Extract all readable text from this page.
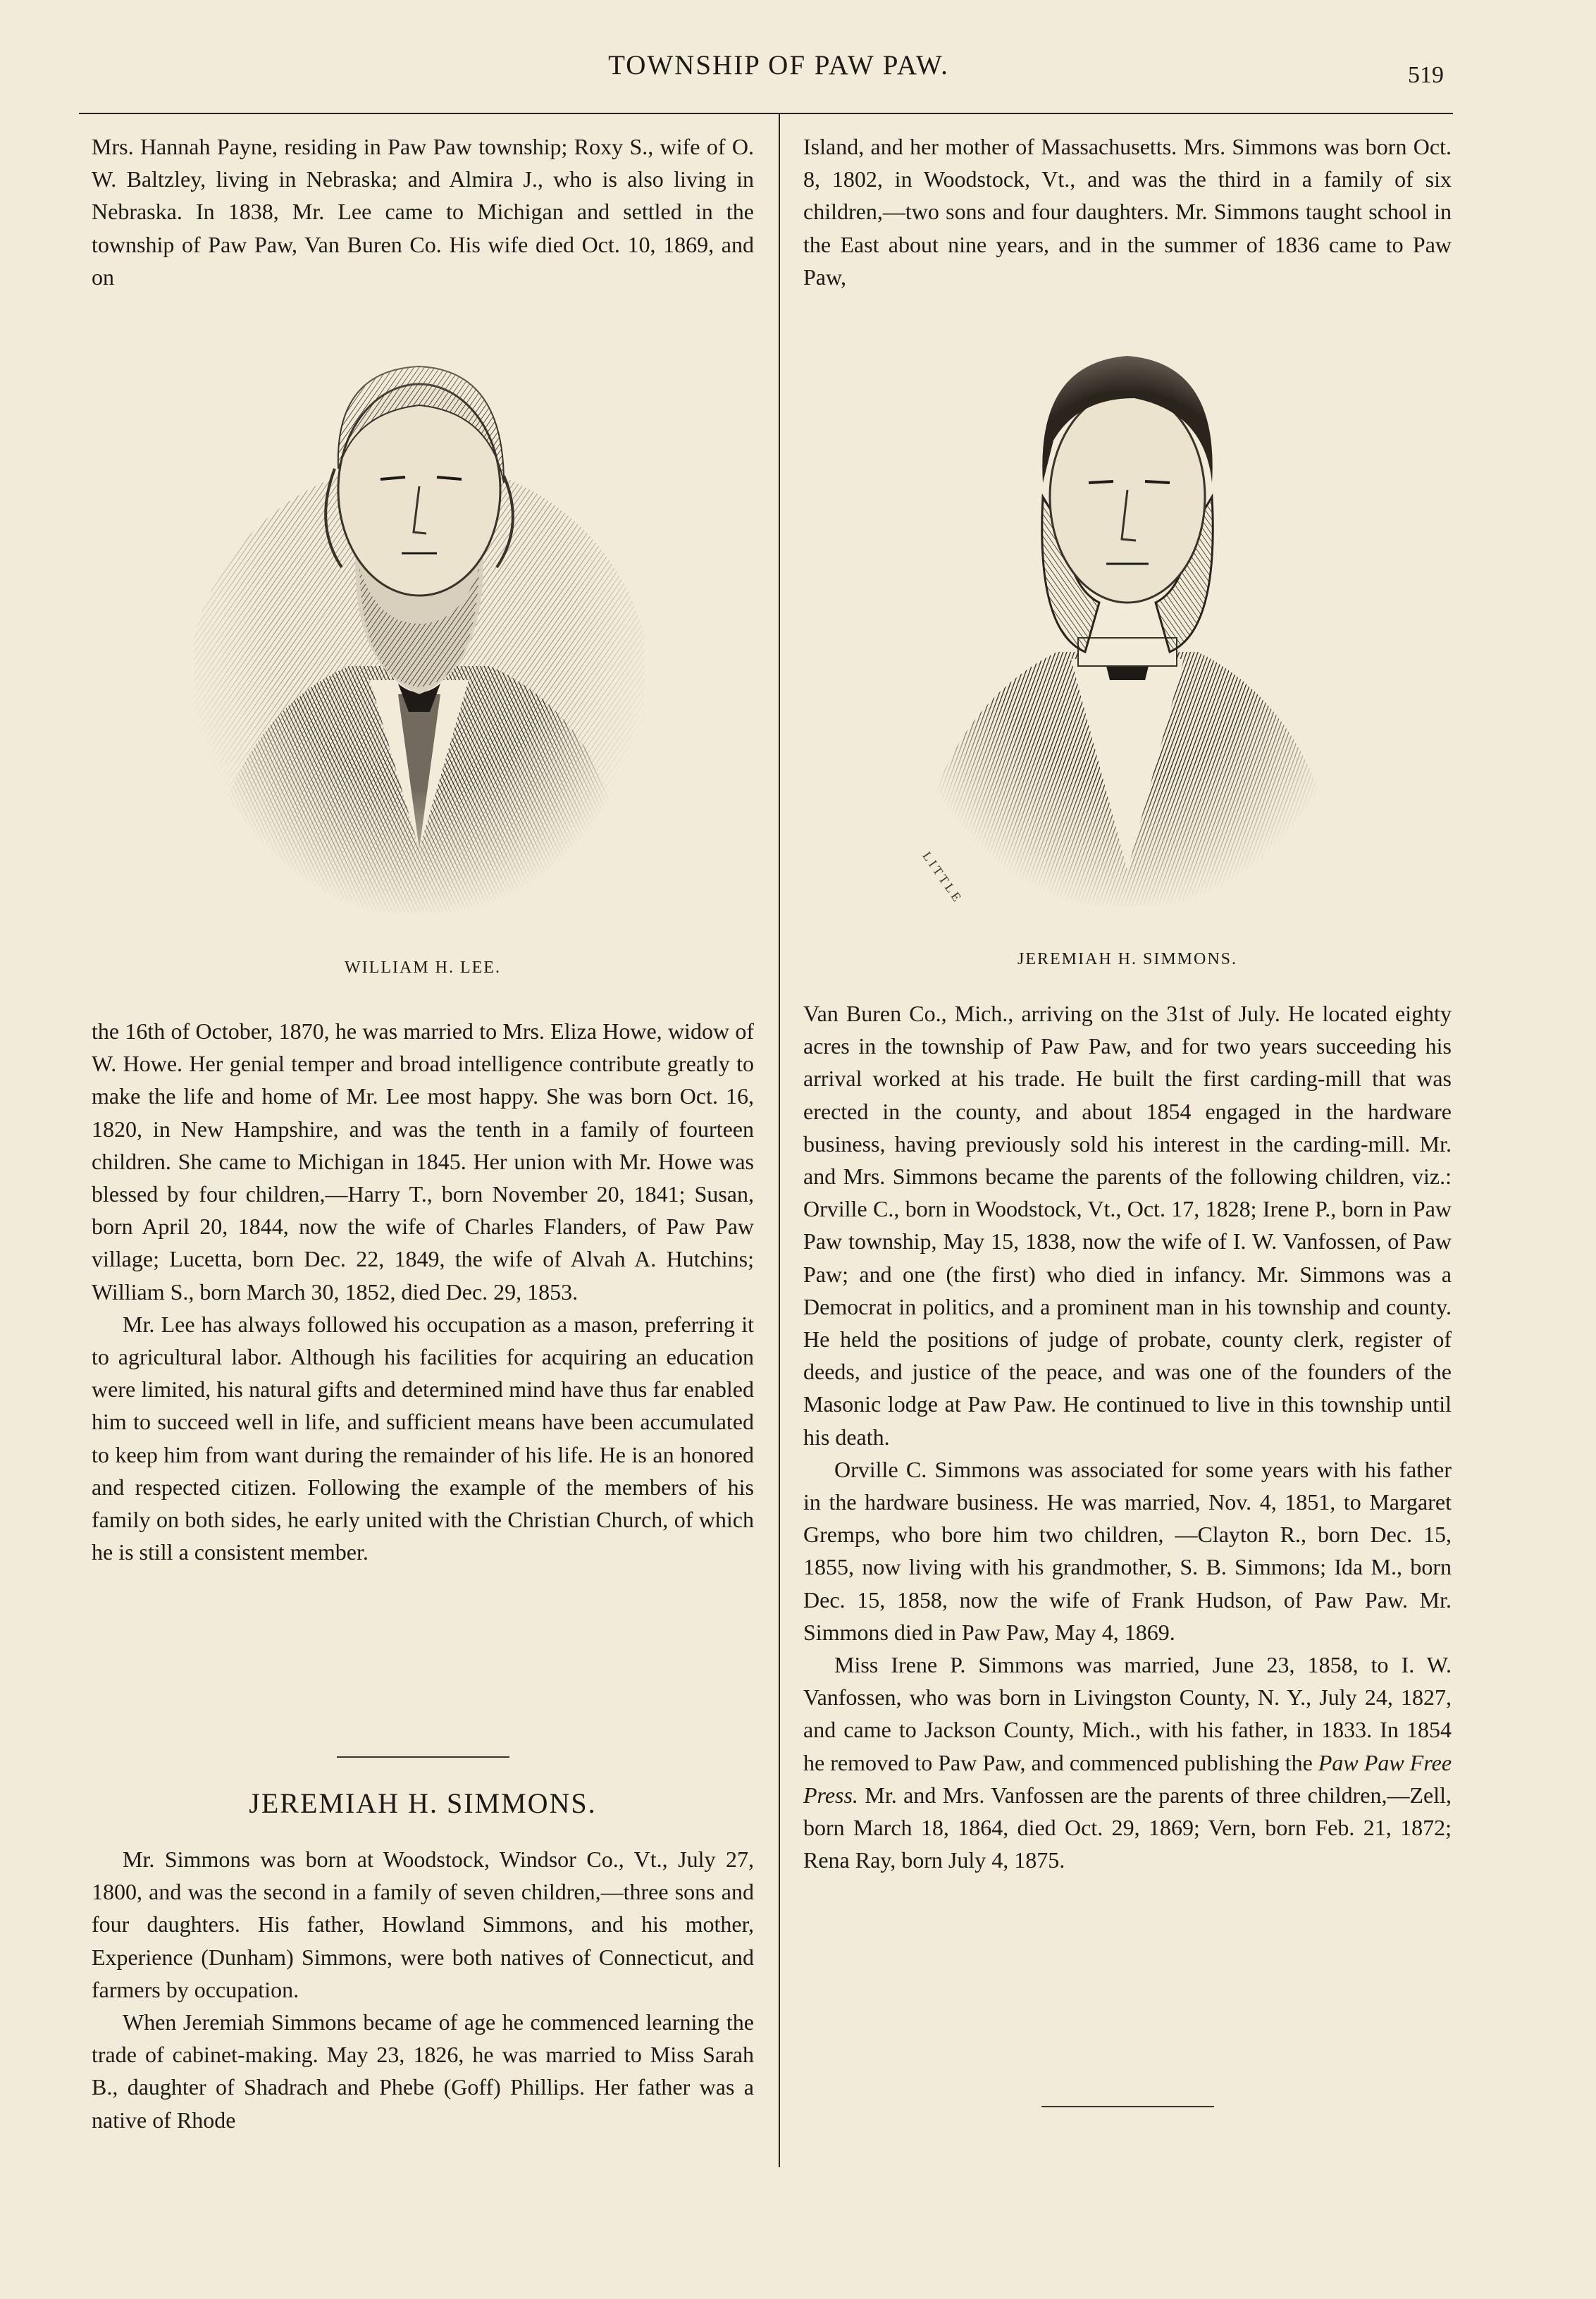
TOWNSHIP OF PAW PAW.	519

Mrs. Hannah Payne, residing in Paw Paw township; Roxy S., wife of O. W. Baltzley, living in Nebraska; and Almira J., who is also living in Nebraska. In 1838, Mr. Lee came to Michigan and settled in the township of Paw Paw, Van Buren Co. His wife died Oct. 10, 1869, and on

WILLIAM H. LEE.

the 16th of October, 1870, he was married to Mrs. Eliza Howe, widow of W. Howe. Her genial temper and broad intelligence contribute greatly to make the life and home of Mr. Lee most happy. She was born Oct. 16, 1820, in New Hampshire, and was the tenth in a family of fourteen children. She came to Michigan in 1845. Her union with Mr. Howe was blessed by four children,—Harry T., born November 20, 1841; Susan, born April 20, 1844, now the wife of Charles Flanders, of Paw Paw village; Lucetta, born Dec. 22, 1849, the wife of Alvah A. Hutchins; William S., born March 30, 1852, died Dec. 29, 1853.

Mr. Lee has always followed his occupation as a mason, preferring it to agricultural labor. Although his facilities for acquiring an education were limited, his natural gifts and determined mind have thus far enabled him to succeed well in life, and sufficient means have been accumulated to keep him from want during the remainder of his life. He is an honored and respected citizen. Following the example of the members of his family on both sides, he early united with the Christian Church, of which he is still a consistent member.

JEREMIAH H. SIMMONS.

Mr. Simmons was born at Woodstock, Windsor Co., Vt., July 27, 1800, and was the second in a family of seven children,—three sons and four daughters. His father, Howland Simmons, and his mother, Experience (Dunham) Simmons, were both natives of Connecticut, and farmers by occupation.

When Jeremiah Simmons became of age he commenced learning the trade of cabinet-making. May 23, 1826, he was married to Miss Sarah B., daughter of Shadrach and Phebe (Goff) Phillips. Her father was a native of Rhode

Island, and her mother of Massachusetts. Mrs. Simmons was born Oct. 8, 1802, in Woodstock, Vt., and was the third in a family of six children,—two sons and four daughters. Mr. Simmons taught school in the East about nine years, and in the summer of 1836 came to Paw Paw,

LITTLE
JEREMIAH H. SIMMONS.

Van Buren Co., Mich., arriving on the 31st of July. He located eighty acres in the township of Paw Paw, and for two years succeeding his arrival worked at his trade. He built the first carding-mill that was erected in the county, and about 1854 engaged in the hardware business, having previously sold his interest in the carding-mill. Mr. and Mrs. Simmons became the parents of the following children, viz.: Orville C., born in Woodstock, Vt., Oct. 17, 1828; Irene P., born in Paw Paw township, May 15, 1838, now the wife of I. W. Vanfossen, of Paw Paw; and one (the first) who died in infancy. Mr. Simmons was a Democrat in politics, and a prominent man in his township and county. He held the positions of judge of probate, county clerk, register of deeds, and justice of the peace, and was one of the founders of the Masonic lodge at Paw Paw. He continued to live in this township until his death.

Orville C. Simmons was associated for some years with his father in the hardware business. He was married, Nov. 4, 1851, to Margaret Gremps, who bore him two children, —Clayton R., born Dec. 15, 1855, now living with his grandmother, S. B. Simmons; Ida M., born Dec. 15, 1858, now the wife of Frank Hudson, of Paw Paw. Mr. Simmons died in Paw Paw, May 4, 1869.

Miss Irene P. Simmons was married, June 23, 1858, to I. W. Vanfossen, who was born in Livingston County, N. Y., July 24, 1827, and came to Jackson County, Mich., with his father, in 1833. In 1854 he removed to Paw Paw, and commenced publishing the Paw Paw Free Press. Mr. and Mrs. Vanfossen are the parents of three children,—Zell, born March 18, 1864, died Oct. 29, 1869; Vern, born Feb. 21, 1872; Rena Ray, born July 4, 1875.
